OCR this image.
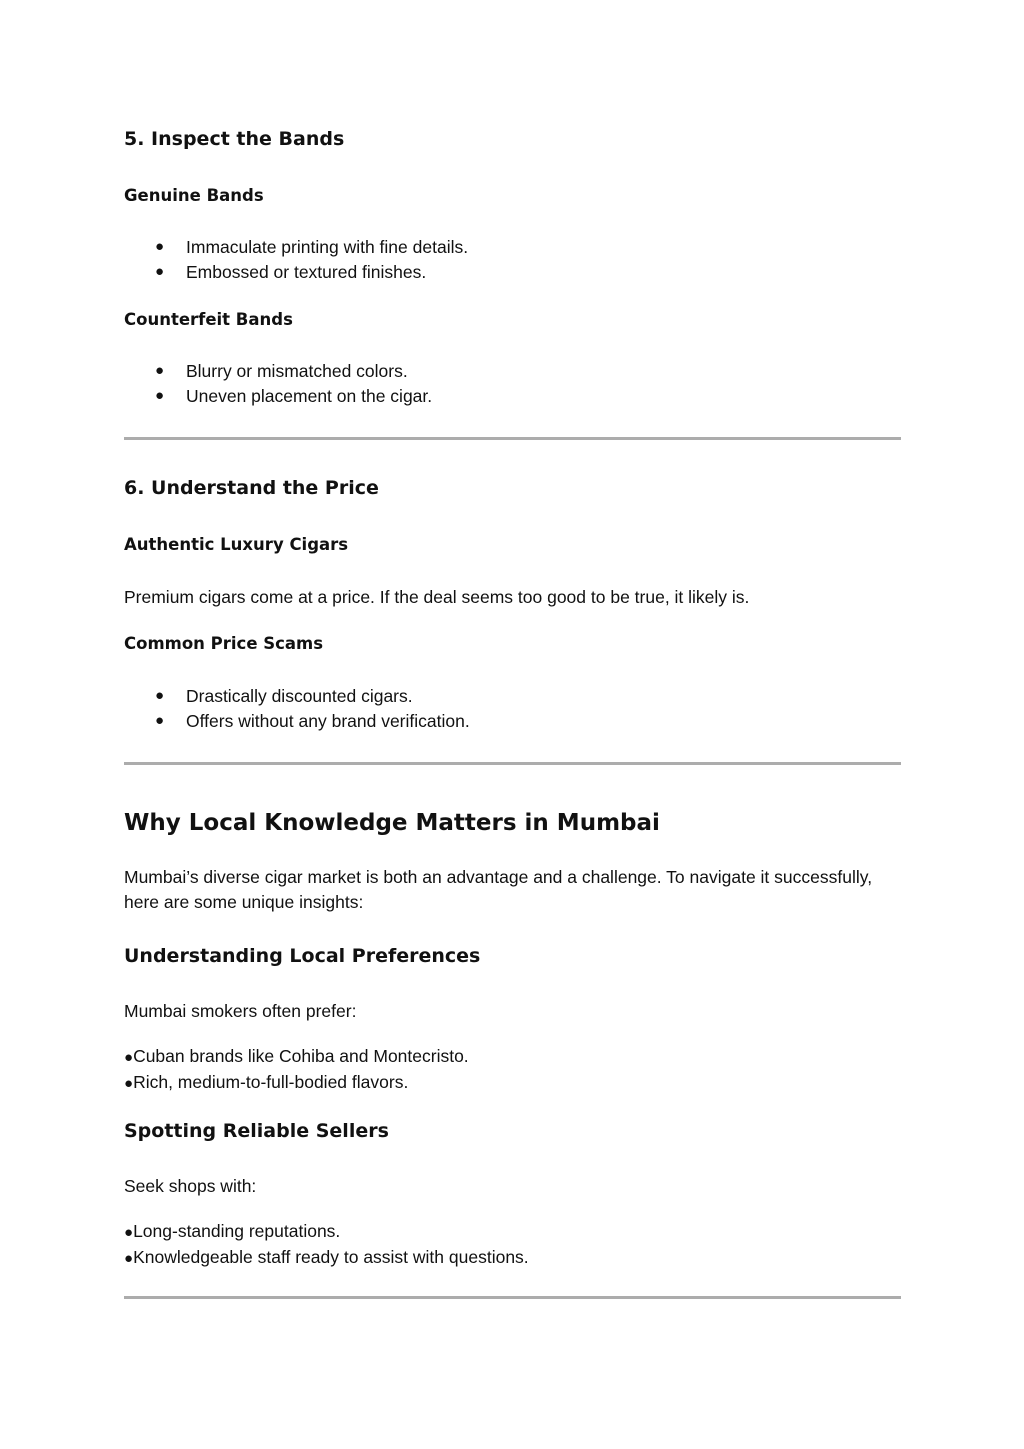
5. Inspect the Bands
Genuine Bands
● Immaculate printing with fine details.
● Embossed or textured finishes.
Counterfeit Bands
● Blurry or mismatched colors.
● Uneven placement on the cigar.
6. Understand the Price
Authentic Luxury Cigars

Premium cigars come at a price. If the deal seems too good to be true, it likely is.

Common Price Scams
● Drastically discounted cigars.
● Offers without any brand verification.
Why Local Knowledge Matters in Mumbai

Mumbai’s diverse cigar market is both an advantage and a challenge. To navigate it successfully, here are some unique insights:

Understanding Local Preferences

Mumbai smokers often prefer:

●Cuban brands like Cohiba and Montecristo.
●Rich, medium-to-full-bodied flavors.
Spotting Reliable Sellers

Seek shops with:

●Long-standing reputations.
●Knowledgeable staff ready to assist with questions.
